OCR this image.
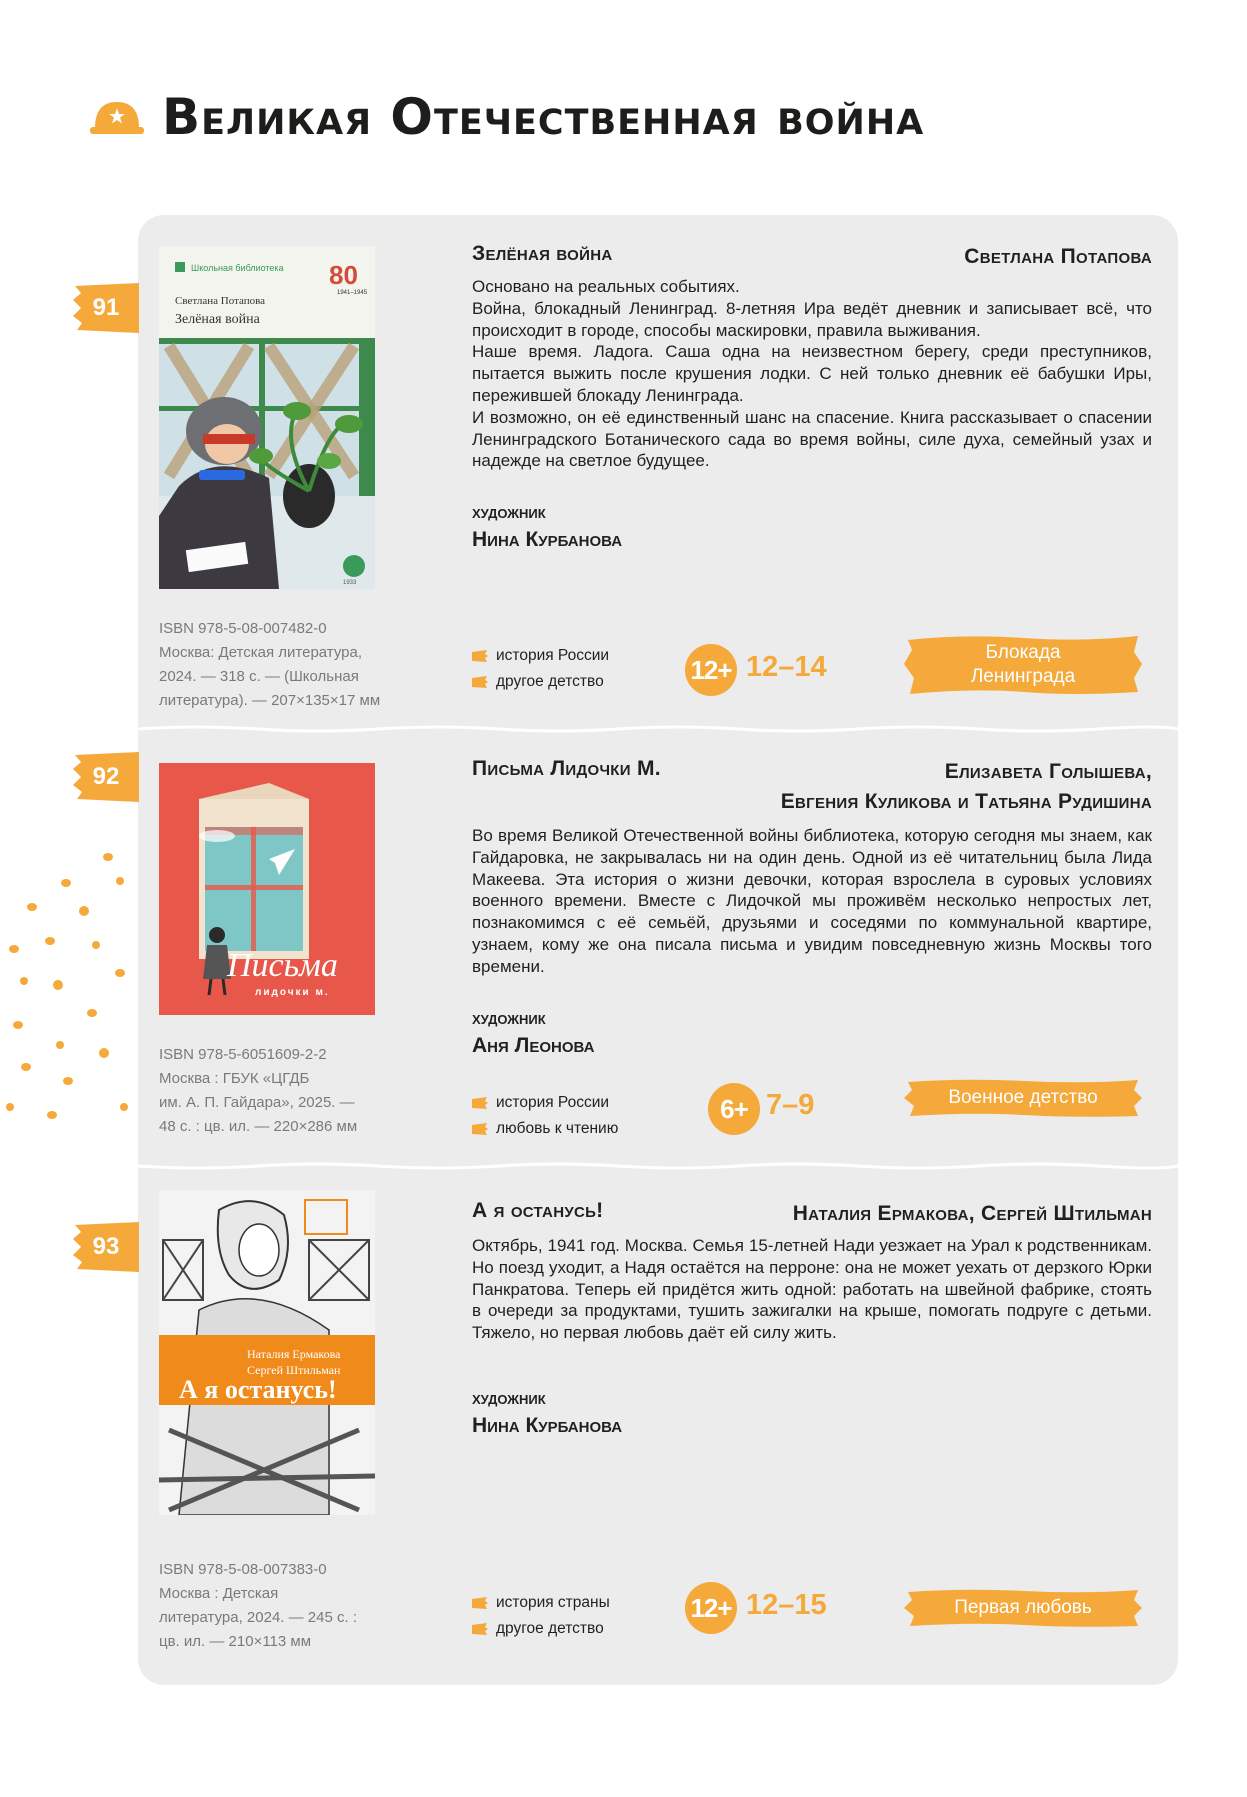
Великая Отечественная война
91
Школьная библиотека 80
1941–1945
Светлана Потапова
Зелёная война
1933
ISBN 978-5-08-007482-0
Москва: Детская литература,
2024. — 318 с. — (Школьная
литература). — 207×135×17 мм
Зелёная война	Светлана Потапова

Основано на реальных событиях.

Война, блокадный Ленинград. 8-летняя Ира ведёт дневник и записывает всё, что происходит в городе, способы маскировки, правила выживания.

Наше время. Ладога. Саша одна на неизвестном берегу, среди преступников, пытается выжить после крушения лодки. С ней только дневник её бабушки Иры, пережившей блокаду Ленинграда.

И возможно, он её единственный шанс на спасение. Книга рассказывает о спасении Ленинградского Ботанического сада во время войны, силе духа, семейный узах и надежде на светлое будущее.

художник
Нина Курбанова
история России
другое детство	12+ 12–14	Блокада
Ленинграда
92
Письма
лидочки м.
ISBN 978-5-6051609-2-2
Москва : ГБУК «ЦГДБ
им. А. П. Гайдара», 2025. —
48 с. : цв. ил. — 220×286 мм
Письма Лидочки М.	Елизавета Голышева,
Евгения Куликова и Татьяна Рудишина

Во время Великой Отечественной войны библиотека, которую сегодня мы знаем, как Гайдаровка, не закрывалась ни на один день. Одной из её читательниц была Лида Макеева. Эта история о жизни девочки, которая взрослела в суровых условиях военного времени. Вместе с Лидочкой мы проживём несколько непростых лет, познакомимся с её семьёй, друзьями и соседями по коммунальной квартире, узнаем, кому же она писала письма и увидим повседневную жизнь Москвы того времени.

художник
Аня Леонова
история России
любовь к чтению
6+ 7–9	Военное детство
93
Наталия Ермакова
Сергей Штильман
А я останусь!
ISBN 978-5-08-007383-0
Москва : Детская
литература, 2024. — 245 с. :
цв. ил. — 210×113 мм
А я останусь!	Наталия Ермакова, Сергей Штильман

Октябрь, 1941 год. Москва. Семья 15-летней Нади уезжает на Урал к родственникам. Но поезд уходит, а Надя остаётся на перроне: она не может уехать от дерзкого Юрки Панкратова. Теперь ей придётся жить одной: работать на швейной фабрике, стоять в очереди за продуктами, тушить зажигалки на крыше, помогать подруге с детьми. Тяжело, но первая любовь даёт ей силу жить.

художник
Нина Курбанова
история страны
другое детство
12+ 12–15	Первая любовь
